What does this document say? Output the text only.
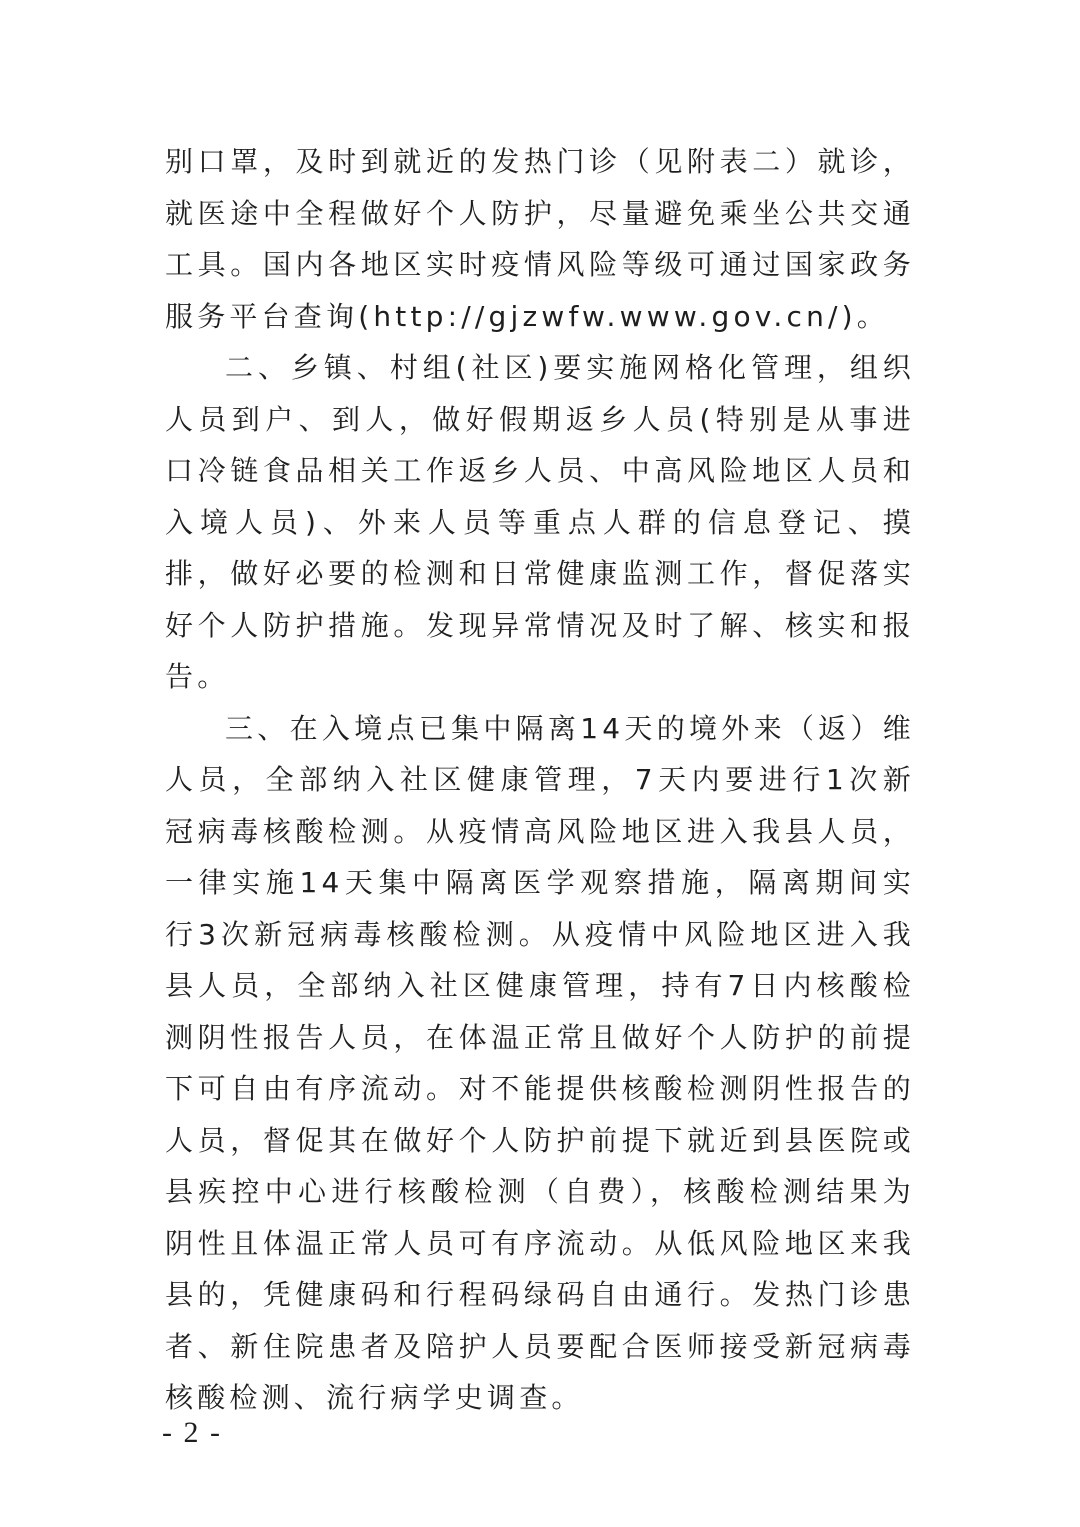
别口罩，及时到就近的发热门诊（见附表二）就诊，就医途中全程做好个人防护，尽量避免乘坐公共交通工具。国内各地区实时疫情风险等级可通过国家政务服务平台查询(http://gjzwfw.www.gov.cn/)。

二、乡镇、村组(社区)要实施网格化管理，组织人员到户、到人，做好假期返乡人员(特别是从事进口冷链食品相关工作返乡人员、中高风险地区人员和入境人员)、外来人员等重点人群的信息登记、摸排，做好必要的检测和日常健康监测工作，督促落实好个人防护措施。发现异常情况及时了解、核实和报告。

三、在入境点已集中隔离14天的境外来（返）维人员，全部纳入社区健康管理，7天内要进行1次新冠病毒核酸检测。从疫情高风险地区进入我县人员，一律实施14天集中隔离医学观察措施，隔离期间实行3次新冠病毒核酸检测。从疫情中风险地区进入我县人员，全部纳入社区健康管理，持有7日内核酸检测阴性报告人员，在体温正常且做好个人防护的前提下可自由有序流动。对不能提供核酸检测阴性报告的人员，督促其在做好个人防护前提下就近到县医院或县疾控中心进行核酸检测（自费），核酸检测结果为阴性且体温正常人员可有序流动。从低风险地区来我县的，凭健康码和行程码绿码自由通行。发热门诊患者、新住院患者及陪护人员要配合医师接受新冠病毒核酸检测、流行病学史调查。

- 2 -
